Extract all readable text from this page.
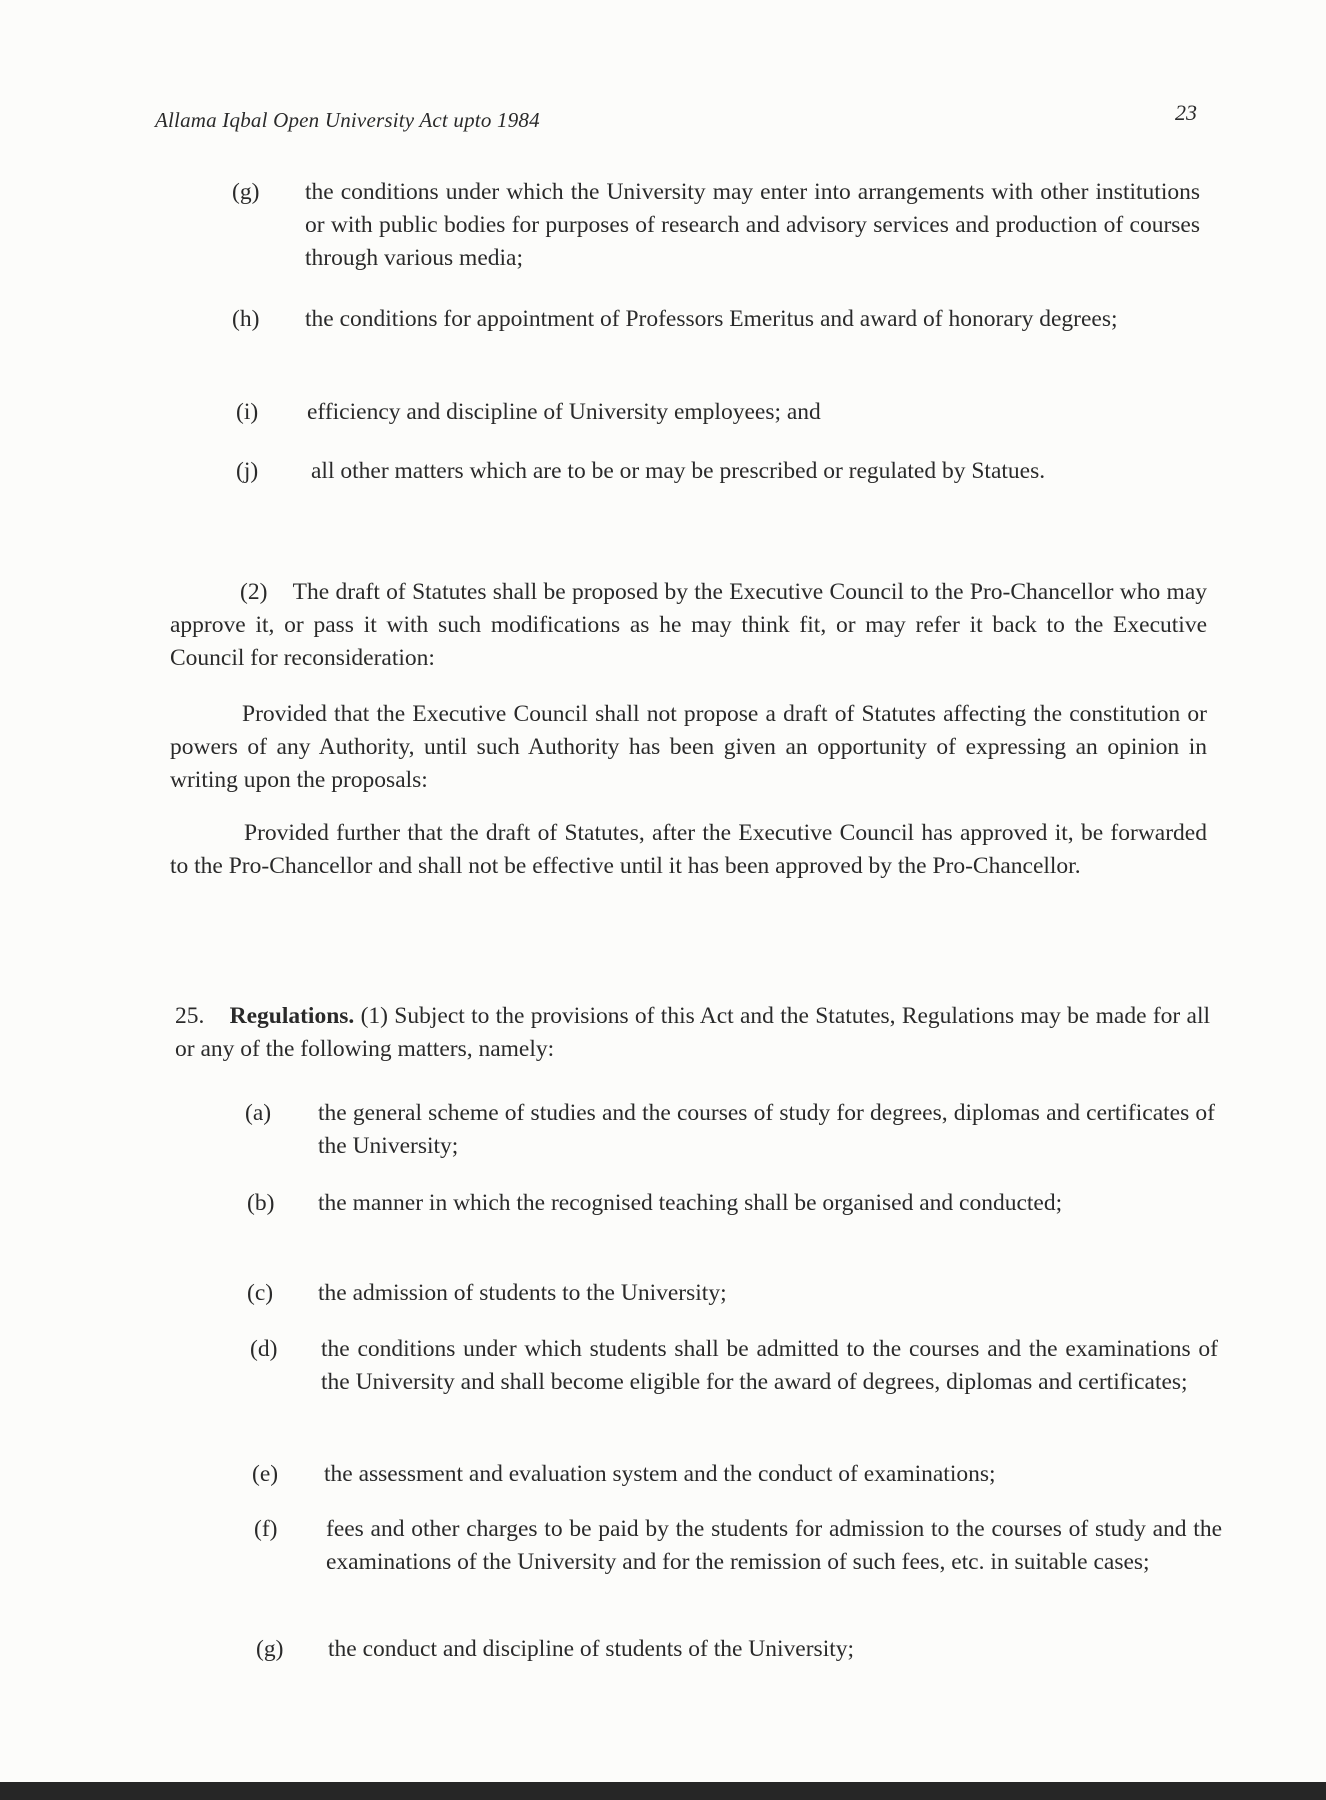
Allama Iqbal Open University Act upto 1984	23
(g) the conditions under which the University may enter into arrangements with other institutions or with public bodies for purposes of research and advisory services and production of courses through various media;
(h) the conditions for appointment of Professors Emeritus and award of honorary degrees;
(i) efficiency and discipline of University employees; and
(j) all other matters which are to be or may be prescribed or regulated by Statues.
(2) The draft of Statutes shall be proposed by the Executive Council to the Pro-Chancellor who may approve it, or pass it with such modifications as he may think fit, or may refer it back to the Executive Council for reconsideration:
Provided that the Executive Council shall not propose a draft of Statutes affecting the constitution or powers of any Authority, until such Authority has been given an opportunity of expressing an opinion in writing upon the proposals:
Provided further that the draft of Statutes, after the Executive Council has approved it, be forwarded to the Pro-Chancellor and shall not be effective until it has been approved by the Pro-Chancellor.
25. Regulations. (1) Subject to the provisions of this Act and the Statutes, Regulations may be made for all or any of the following matters, namely:
(a) the general scheme of studies and the courses of study for degrees, diplomas and certificates of the University;
(b) the manner in which the recognised teaching shall be organised and conducted;
(c) the admission of students to the University;
(d) the conditions under which students shall be admitted to the courses and the examinations of the University and shall become eligible for the award of degrees, diplomas and certificates;
(e) the assessment and evaluation system and the conduct of examinations;
(f) fees and other charges to be paid by the students for admission to the courses of study and the examinations of the University and for the remission of such fees, etc. in suitable cases;
(g) the conduct and discipline of students of the University;
